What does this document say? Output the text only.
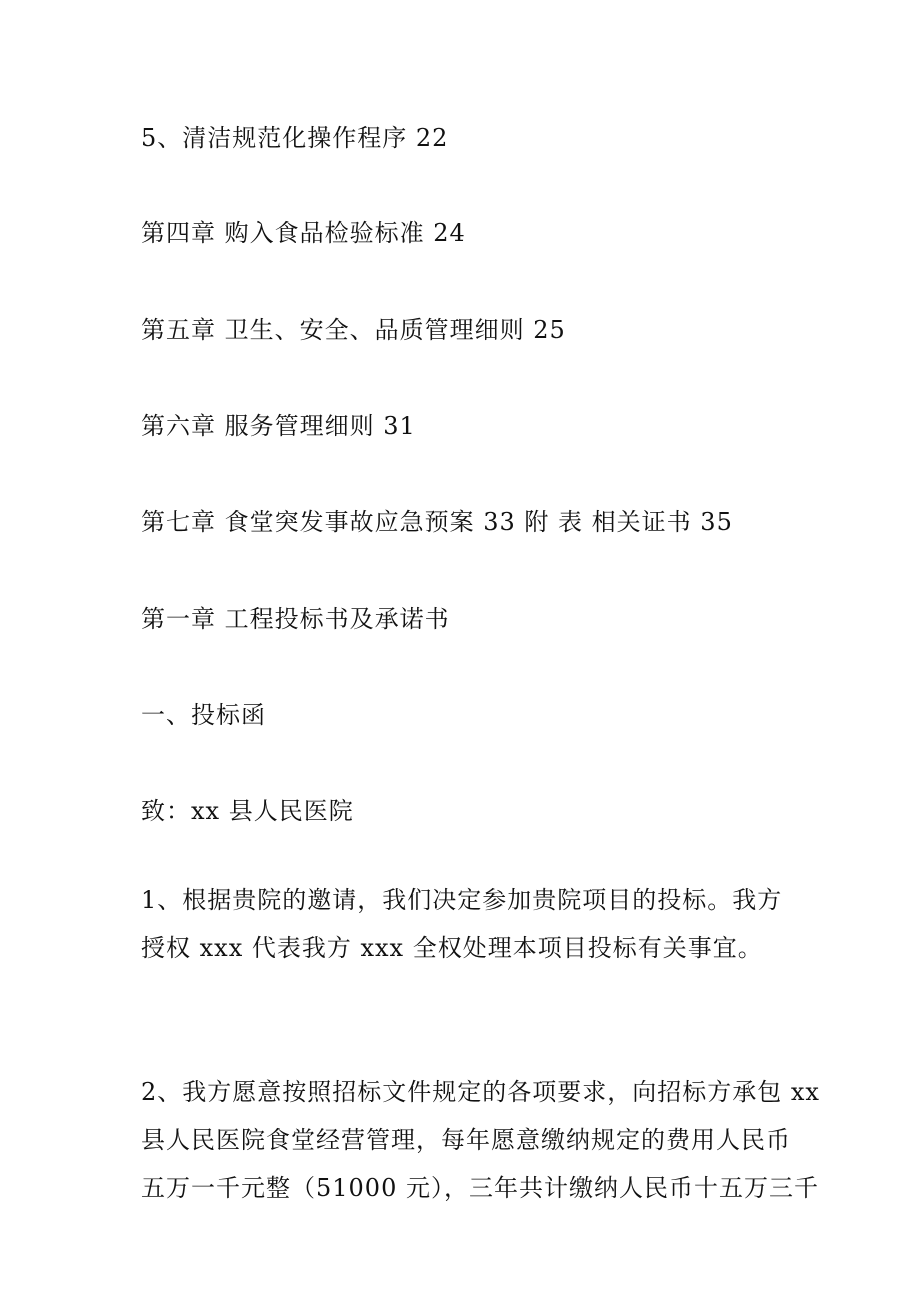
5、清洁规范化操作程序 22
第四章 购入食品检验标准 24
第五章 卫生、安全、品质管理细则 25
第六章 服务管理细则 31
第七章 食堂突发事故应急预案 33 附 表 相关证书 35
第一章 工程投标书及承诺书
一、投标函
致：xx 县人民医院
1、根据贵院的邀请，我们决定参加贵院项目的投标。我方
授权 xxx 代表我方 xxx 全权处理本项目投标有关事宜。
2、我方愿意按照招标文件规定的各项要求，向招标方承包 xx
县人民医院食堂经营管理，每年愿意缴纳规定的费用人民币
五万一千元整（51000 元），三年共计缴纳人民币十五万三千
